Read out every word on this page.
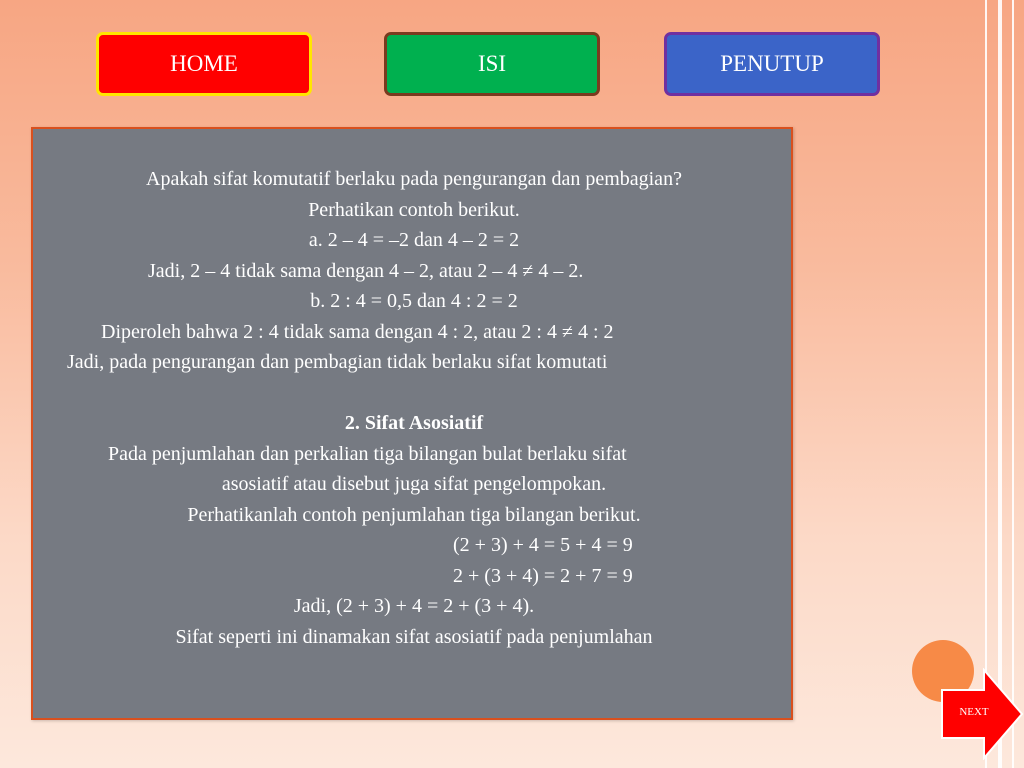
HOME	ISI	PENUTUP
Apakah sifat komutatif berlaku pada pengurangan dan pembagian?
Perhatikan contoh berikut.
a. 2 – 4 = –2 dan 4 – 2 = 2
Jadi, 2 – 4 tidak sama dengan 4 – 2, atau 2 – 4 ≠ 4 – 2.
b. 2 : 4 = 0,5 dan 4 : 2 = 2
Diperoleh bahwa 2 : 4 tidak sama dengan 4 : 2, atau 2 : 4 ≠ 4 : 2
Jadi, pada pengurangan dan pembagian tidak berlaku sifat komutati
2. Sifat Asosiatif
Pada penjumlahan dan perkalian tiga bilangan bulat berlaku sifat
asosiatif atau disebut juga sifat pengelompokan.
Perhatikanlah contoh penjumlahan tiga bilangan berikut.
(2 + 3) + 4 = 5 + 4 = 9
2 + (3 + 4) = 2 + 7 = 9
Jadi, (2 + 3) + 4 = 2 + (3 + 4).
Sifat seperti ini dinamakan sifat asosiatif pada penjumlahan
NEXT
